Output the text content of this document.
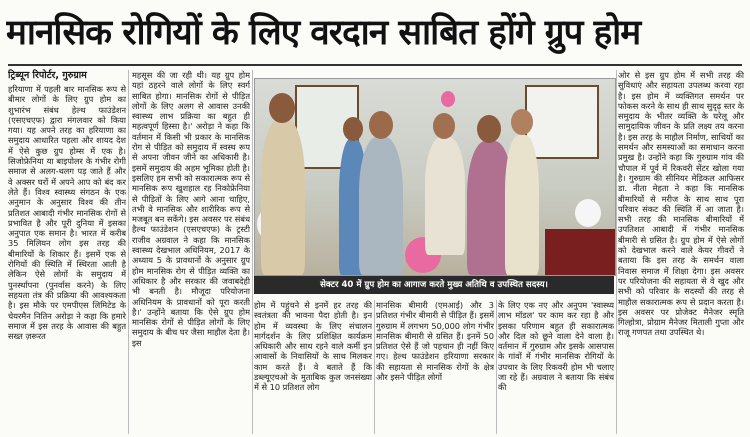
मानसिक रोगियों के लिए वरदान साबित होंगे ग्रुप होम
ट्रिब्यून रिपोर्टर, गुरुग्राम
हरियाणा में पहली बार मानसिक रूप से बीमार लोगों के लिए ग्रुप होम का शुभारंभ संबंध हेल्थ फाउंडेशन (एसएचएफ) द्वारा मंगलवार को किया गया। यह अपने तरह का हरियाणा का समुदाय आधारित पहला और शायद देश में ऐसे कुछ ग्रुप होम्स में एक है। सिजोफ्रेनिया या बाइपोलर के गंभीर रोगी समाज से अलग-थलग पड़ जाते हैं और वे अक्सर घरों में अपने आप को बंद कर लेते हैं। विश्व स्वास्थ्य संगठन के एक अनुमान के अनुसार विश्व की तीन प्रतिशत आबादी गंभीर मानसिक रोगों से प्रभावित है और पूरी दुनिया में इसका अनुपात एक समान है। भारत में करीब 35 मिलियन लोग इस तरह की बीमारियों के शिकार हैं। इसमें एक से रोगियों की स्थिति में स्थिरता आती है लेकिन ऐसे लोगों के समुदाय में पुनर्स्थापना (पुनर्वास करने) के लिए सहयता तंत्र की प्रक्रिया की आवश्यकता है। इस मौके पर एमपीएस लिमिटेड के चेयरमैन नितिन अरोड़ा ने कहा कि हमारे समाज में इस तरह के आवास की बहुत सख्त ज़रूरत
महसूस की जा रही थी। यह ग्रुप होम यहां ठहरने वाले लोगों के लिए स्वर्ग साबित होगा। मानसिक रोगों से पीड़ित लोगों के लिए अलग से आवास उनकी स्वास्थ्य लाभ प्रक्रिया का बहुत ही महत्वपूर्ण हिस्सा है।' अरोड़ा ने कहा कि वर्तमान में किसी भी प्रकार के मानसिक रोग से पीड़ित को समुदाय में स्वस्थ रूप से अपना जीवन जीने का अधिकारी है। इसमें समुदाय की अहम भूमिका होती है। इसलिए हम सभी को सकारात्मक रूप से मानसिक रूप खुशहाल रह निकोफ्रेनिया से पीड़ितों के लिए आगे आना चाहिए, तभी वे मानसिक और शारीरिक रूप से मजबूत बन सकेंगे। इस अवसर पर संबंध हैल्थ फाउंडेशन (एसएचएफ) के ट्रस्टी राजीव अग्रवाल ने कहा कि मानसिक स्वास्थ्य देखभाल अधिनियम, 2017 के अध्याय 5 के प्रावधानों के अनुसार ग्रुप होम मानसिक रोग से पीड़ित व्यक्ति का अधिकार है और सरकार की जवाबदेही भी बनती है। मौजूदा परियोजना अधिनियम के प्रावधानों को पूरा करती है।' उन्होंने बताया कि ऐसे ग्रुप होम मानसिक रोगों से पीड़ित लोगों के लिए समुदाय के बीच घर जैसा माहौल देता है। इस
सेक्टर 40 में ग्रुप होम का आगाज करते मुख्य अतिथि व उपस्थित सदस्य।
होम में पहुंचने से इनमें हर तरह की स्वतंत्रता की भावना पैदा होती है। इन होम में व्यवस्था के लिए संचालन मार्गदर्शन के लिए प्रशिक्षित कार्यक्रम अधिकारी और साथ रहने वाले कर्मी इन आवासों के निवासियों के साथ मिलकर काम करते हैं। वे बताते हैं कि डब्ल्यूएचओ के मुताबिक कुल जनसंख्या में से 10 प्रतिशत लोग
मानसिक बीमारी (एमआई) और 3 प्रतिशत गंभीर बीमारी से पीड़ित हैं। इसमें गुरुग्राम में लगभग 50,000 लोग गंभीर मानसिक बीमारी से ग्रसित हैं। इनमें 50 प्रतिशत ऐसे हैं जो पहचान ही नहीं किए गए। हेल्थ फाउंडेशन हरियाणा सरकार की सहायता से मानसिक रोगों के क्षेत्र और इसने पीड़ित लोगों
के लिए एक नए और अनुपम 'स्वास्थ्य लाभ मॉडल' पर काम कर रहा है और इसका परिणाम बहुत ही सकारात्मक और दिल को छूने वाला देने वाला है। वर्तमान में गुरुग्राम और इसके आसपास के गांवों में गंभीर मानसिक रोगियों के उपचार के लिए रिकवरी होम भी चलाए जा रहे हैं। अग्रवाल ने बताया कि संबंध की
ओर से इस ग्रुप होम में सभी तरह की सुविधाएं और सहायता उपलब्ध करवा रहा है। इस होम में व्यक्तिगत समर्थन पर फोकस करने के साथ ही साथ सुदृढ़ स्तर के समुदाय के भीतर व्यक्ति के घरेलू और सामुदायिक जीवन के प्रति लक्ष्य तय करना है। इस तरह के माहौल निर्माण, साथियों का समर्थन और समस्याओं का समाधान करना प्रमुख है। उन्होंने कहा कि गुरुग्राम गांव की चौपाल में पूर्व में रिकवरी सेंटर खोला गया है। गुरुग्राम की सीनियर मेडिकल आफिसर डा. नीता मेहता ने कहा कि मानसिक बीमारियों से मरीज के साथ साथ पूरा परिवार संकट की स्थिति में आ जाता है। सभी तरह की मानसिक बीमारियों में उपतिशत आबादी में गंभीर मानसिक बीमारी से ग्रसित है। ग्रुप होम में ऐसे लोगों को देखभाल करने वाले केयर गीवरों ने बताया कि इस तरह के समर्थन वाला निवास समाज में शिक्षा देगा। इस अवसर पर परियोजना की सहायता से वे खुद और सभी को परिवार के सदस्यों की तरह से माहौल सकारात्मक रूप से प्रदान करता है। इस अवसर पर प्रोजेक्ट मैनेजर स्मृति गिल्होत्रा, प्रोग्राम मैनेजर मिताली गुप्ता और राजू गणपत तथा उपस्थित थे।
